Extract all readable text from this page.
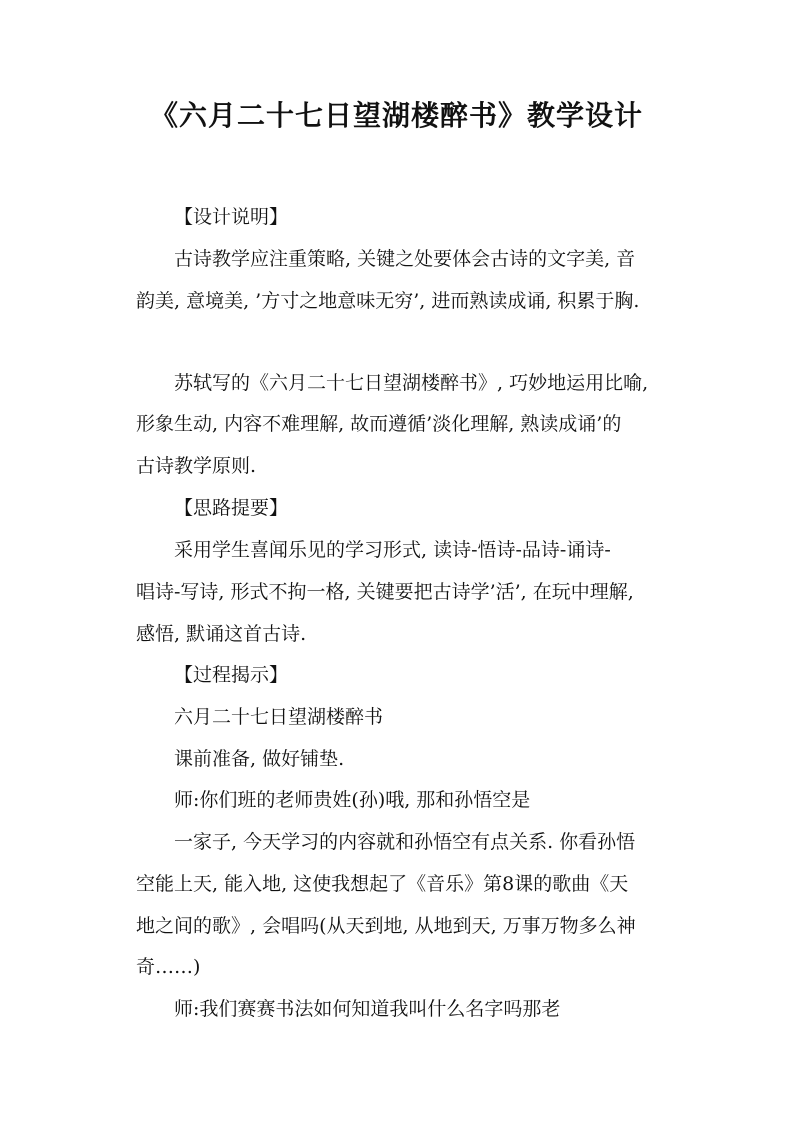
《六月二十七日望湖楼醉书》教学设计
【设计说明】
古诗教学应注重策略, 关键之处要体会古诗的文字美, 音
韵美, 意境美, ’方寸之地意味无穷’, 进而熟读成诵, 积累于胸.
苏轼写的《六月二十七日望湖楼醉书》, 巧妙地运用比喻,
形象生动, 内容不难理解, 故而遵循’淡化理解, 熟读成诵’的
古诗教学原则.
【思路提要】
采用学生喜闻乐见的学习形式, 读诗-悟诗-品诗-诵诗-
唱诗-写诗, 形式不拘一格, 关键要把古诗学’活’, 在玩中理解,
感悟, 默诵这首古诗.
【过程揭示】
六月二十七日望湖楼醉书
课前准备, 做好铺垫.
师:你们班的老师贵姓(孙)哦, 那和孙悟空是
一家子, 今天学习的内容就和孙悟空有点关系. 你看孙悟
空能上天, 能入地, 这使我想起了《音乐》第8课的歌曲《天
地之间的歌》, 会唱吗(从天到地, 从地到天, 万事万物多么神
奇……)
师:我们赛赛书法如何知道我叫什么名字吗那老
